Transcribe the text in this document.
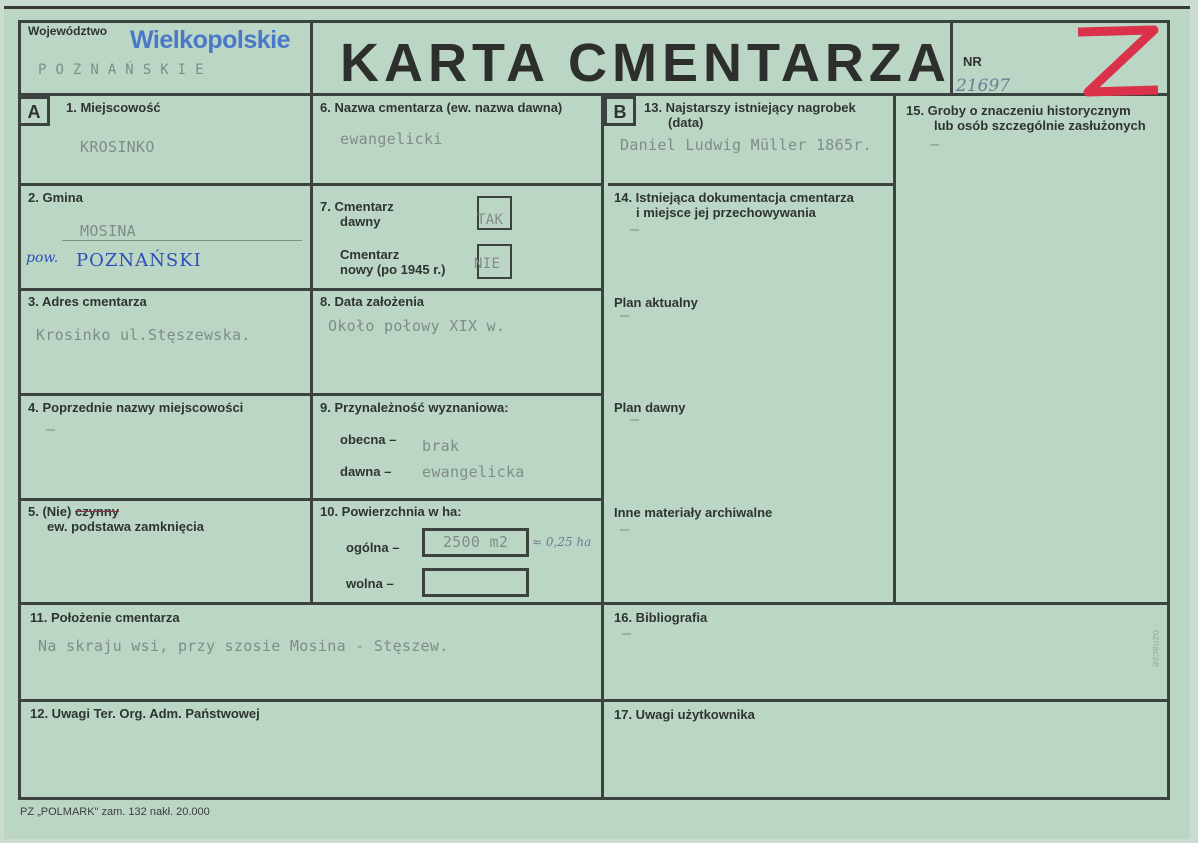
Województwo Wielkopolskie
P O Z N A Ń S K I E	KARTA CMENTARZA NR
21697
A	B
1. Miejscowość
KROSINKO
2. Gmina
MOSINA
pow. POZNAŃSKI
3. Adres cmentarza
Krosinko ul.Stęszewska.
4. Poprzednie nazwy miejscowości
–
5. (Nie) czynny
ew. podstawa zamknięcia
6. Nazwa cmentarza (ew. nazwa dawna)
ewangelicki
7. Cmentarz
dawny	TAK
Cmentarz
nowy (po 1945 r.) NIE
8. Data założenia
Około połowy XIX w.
9. Przynależność wyznaniowa:
obecna – brak
dawna – ewangelicka
10. Powierzchnia w ha:
ogólna –	2500 m2	≈ 0,25 ha
wolna –
13. Najstarszy istniejący nagrobek
(data)
Daniel Ludwig Müller 1865r.
14. Istniejąca dokumentacja cmentarza
i miejsce jej przechowywania
–
Plan aktualny
–
Plan dawny
–
Inne materiały archiwalne
–
15. Groby o znaczeniu historycznym
lub osób szczególnie zasłużonych
–
11. Położenie cmentarza
Na skraju wsi, przy szosie Mosina - Stęszew.
16. Bibliografia
–
12. Uwagi Ter. Org. Adm. Państwowej	17. Uwagi użytkownika
PZ „POLMARK" zam. 132 nakł. 20.000
oznacze
